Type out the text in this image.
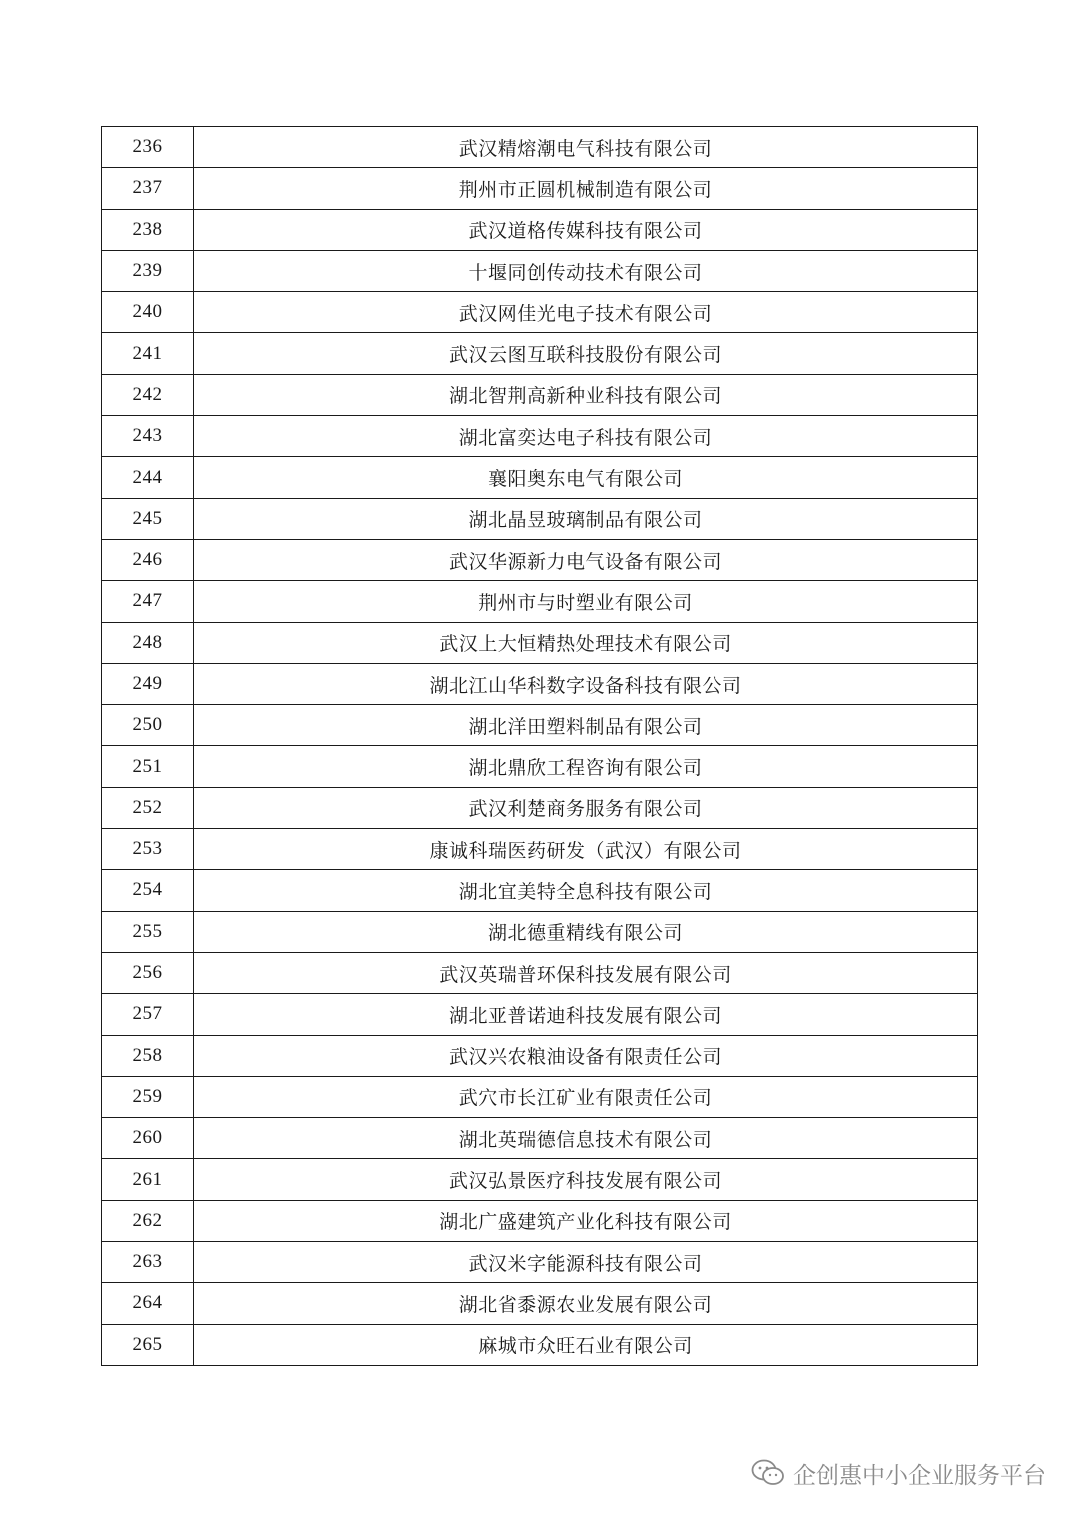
236	武汉精熔潮电气科技有限公司
237	荆州市正圆机械制造有限公司
238	武汉道格传媒科技有限公司
239	十堰同创传动技术有限公司
240	武汉网佳光电子技术有限公司
241	武汉云图互联科技股份有限公司
242	湖北智荆高新种业科技有限公司
243	湖北富奕达电子科技有限公司
244	襄阳奥东电气有限公司
245	湖北晶昱玻璃制品有限公司
246	武汉华源新力电气设备有限公司
247	荆州市与时塑业有限公司
248	武汉上大恒精热处理技术有限公司
249	湖北江山华科数字设备科技有限公司
250	湖北洋田塑料制品有限公司
251	湖北鼎欣工程咨询有限公司
252	武汉利楚商务服务有限公司
253	康诚科瑞医药研发（武汉）有限公司
254	湖北宜美特全息科技有限公司
255	湖北德重精线有限公司
256	武汉英瑞普环保科技发展有限公司
257	湖北亚普诺迪科技发展有限公司
258	武汉兴农粮油设备有限责任公司
259	武穴市长江矿业有限责任公司
260	湖北英瑞德信息技术有限公司
261	武汉弘景医疗科技发展有限公司
262	湖北广盛建筑产业化科技有限公司
263	武汉米字能源科技有限公司
264	湖北省黍源农业发展有限公司
265	麻城市众旺石业有限公司
企创惠中小企业服务平台
